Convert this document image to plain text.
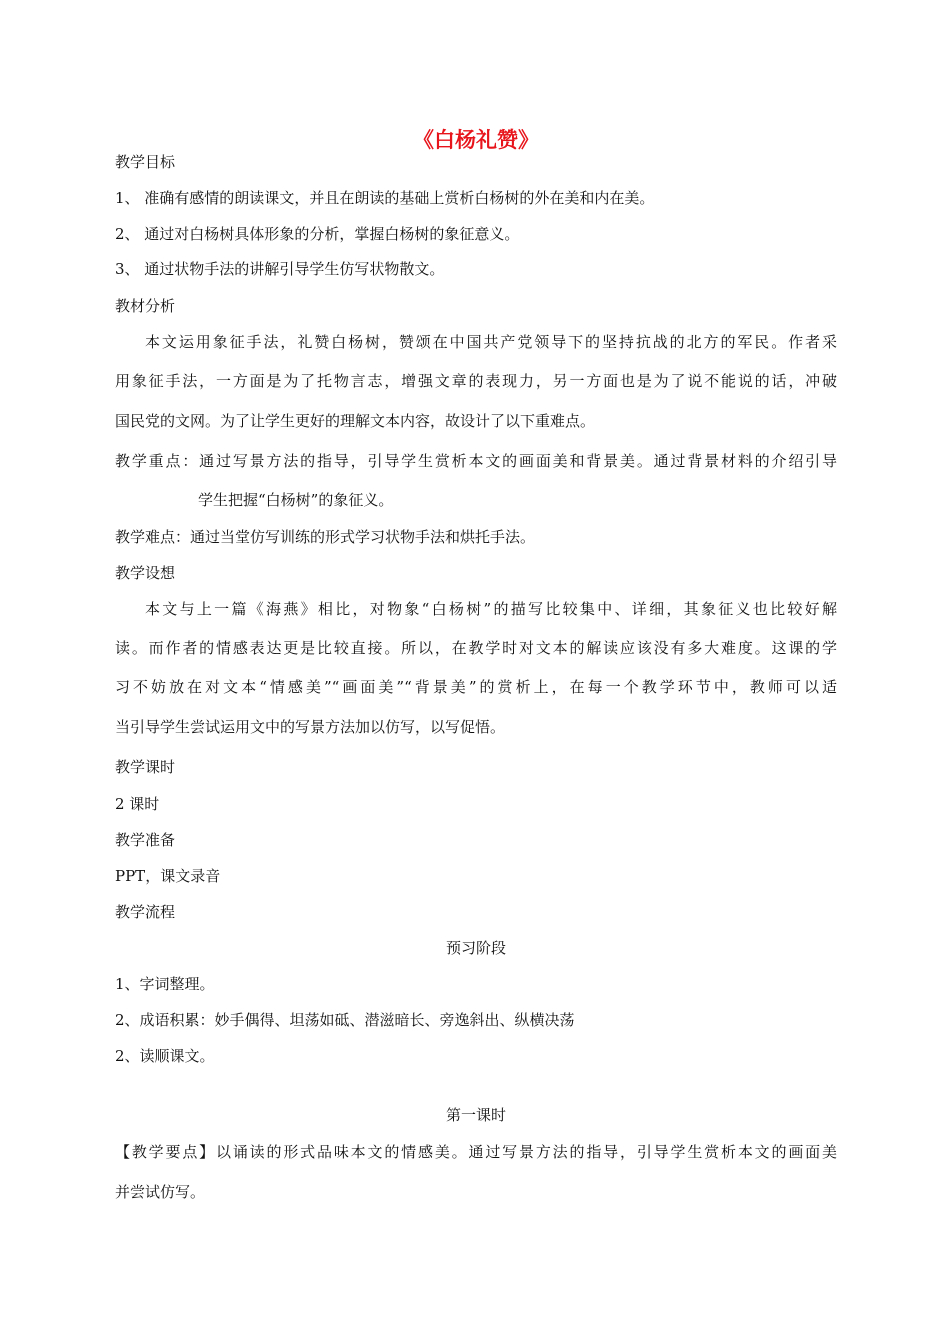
《白杨礼赞》
教学目标
1、 准确有感情的朗读课文，并且在朗读的基础上赏析白杨树的外在美和内在美。
2、 通过对白杨树具体形象的分析，掌握白杨树的象征意义。
3、 通过状物手法的讲解引导学生仿写状物散文。
教材分析
本文运用象征手法，礼赞白杨树，赞颂在中国共产党领导下的坚持抗战的北方的军民。作者采
用象征手法，一方面是为了托物言志，增强文章的表现力，另一方面也是为了说不能说的话，冲破
国民党的文网。为了让学生更好的理解文本内容，故设计了以下重难点。
教学重点：通过写景方法的指导，引导学生赏析本文的画面美和背景美。通过背景材料的介绍引导
学生把握“白杨树”的象征义。
教学难点：通过当堂仿写训练的形式学习状物手法和烘托手法。
教学设想
本文与上一篇《海燕》相比，对物象“白杨树”的描写比较集中、详细，其象征义也比较好解
读。而作者的情感表达更是比较直接。所以，在教学时对文本的解读应该没有多大难度。这课的学
习不妨放在对文本“情感美”“画面美”“背景美”的赏析上，在每一个教学环节中，教师可以适
当引导学生尝试运用文中的写景方法加以仿写，以写促悟。
教学课时
2 课时
教学准备
PPT，课文录音
教学流程
预习阶段
1、字词整理。
2、成语积累：妙手偶得、坦荡如砥、潜滋暗长、旁逸斜出、纵横决荡
2、读顺课文。
第一课时
【教学要点】以诵读的形式品味本文的情感美。通过写景方法的指导，引导学生赏析本文的画面美
并尝试仿写。
